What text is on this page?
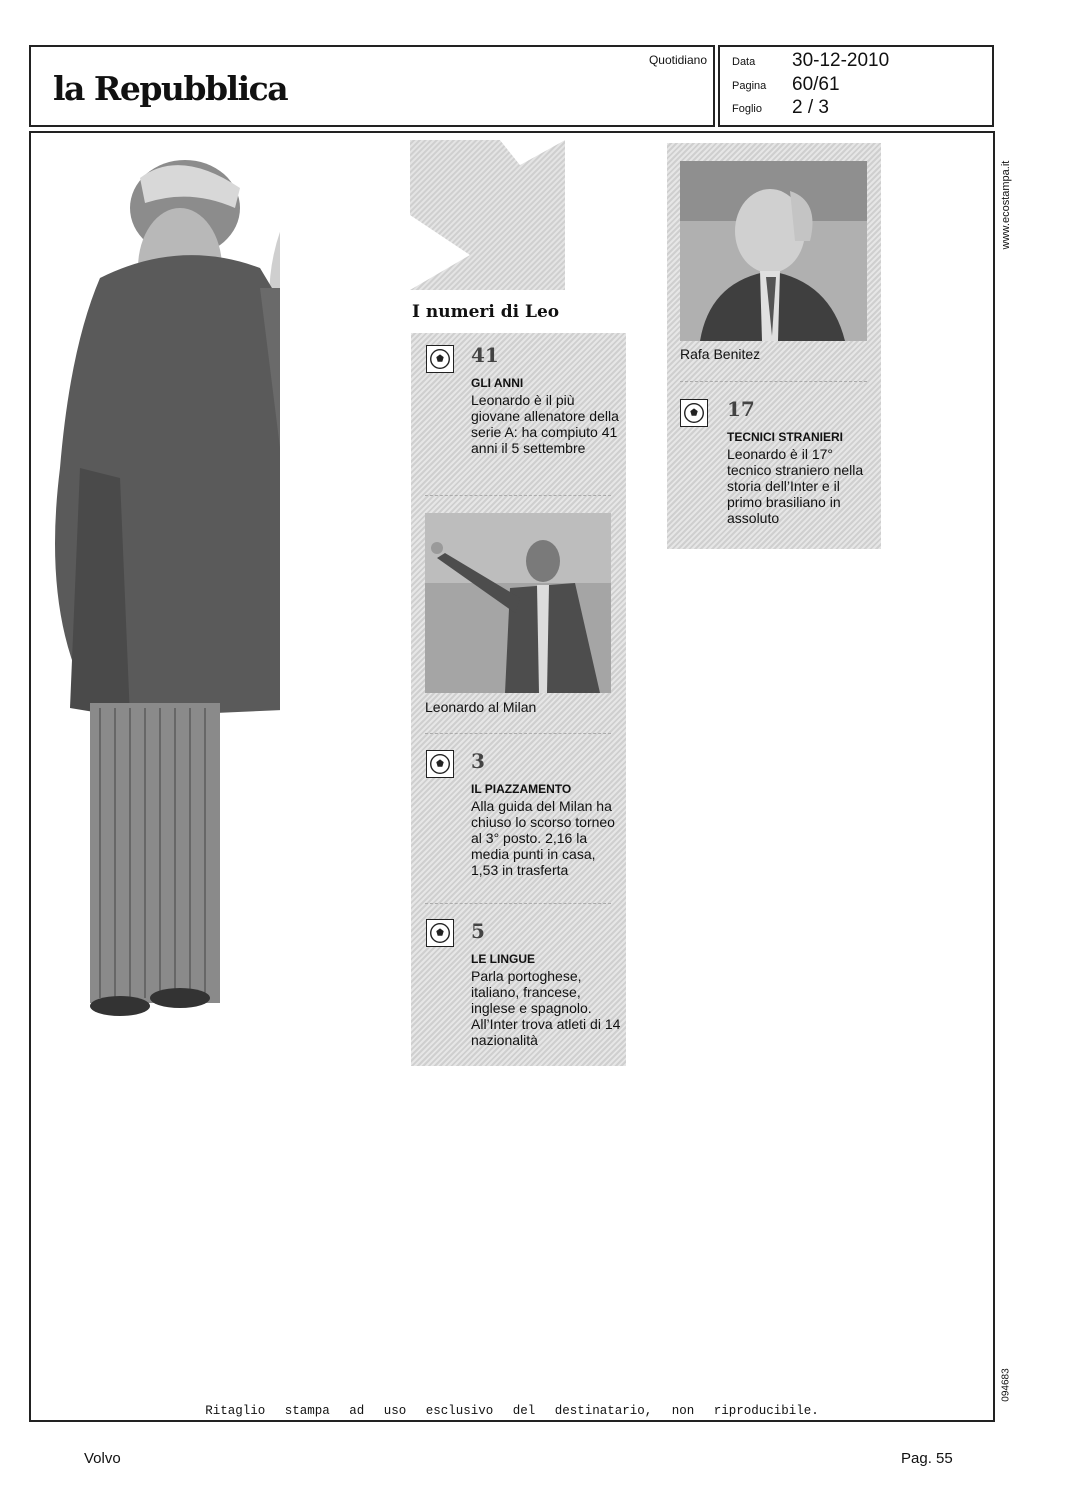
la Repubblica
Quotidiano Data 30-12-2010
Pagina 60/61
Foglio 2 / 3
www.ecostampa.it
094683
I numeri di Leo
41
GLI ANNI
Leonardo è il più giovane allenatore della serie A: ha compiuto 41 anni il 5 settembre
Leonardo al Milan
3
IL PIAZZAMENTO
Alla guida del Milan ha chiuso lo scorso torneo al 3° posto. 2,16 la media punti in casa, 1,53 in trasferta
5
LE LINGUE
Parla portoghese, italiano, francese, inglese e spagnolo. All’Inter trova atleti di 14 nazionalità
Rafa Benitez
17
TECNICI STRANIERI
Leonardo è il 17° tecnico straniero nella storia dell’Inter e il primo brasiliano in assoluto
Ritaglio stampa ad uso esclusivo del destinatario, non riproducibile.
Volvo	Pag. 55
